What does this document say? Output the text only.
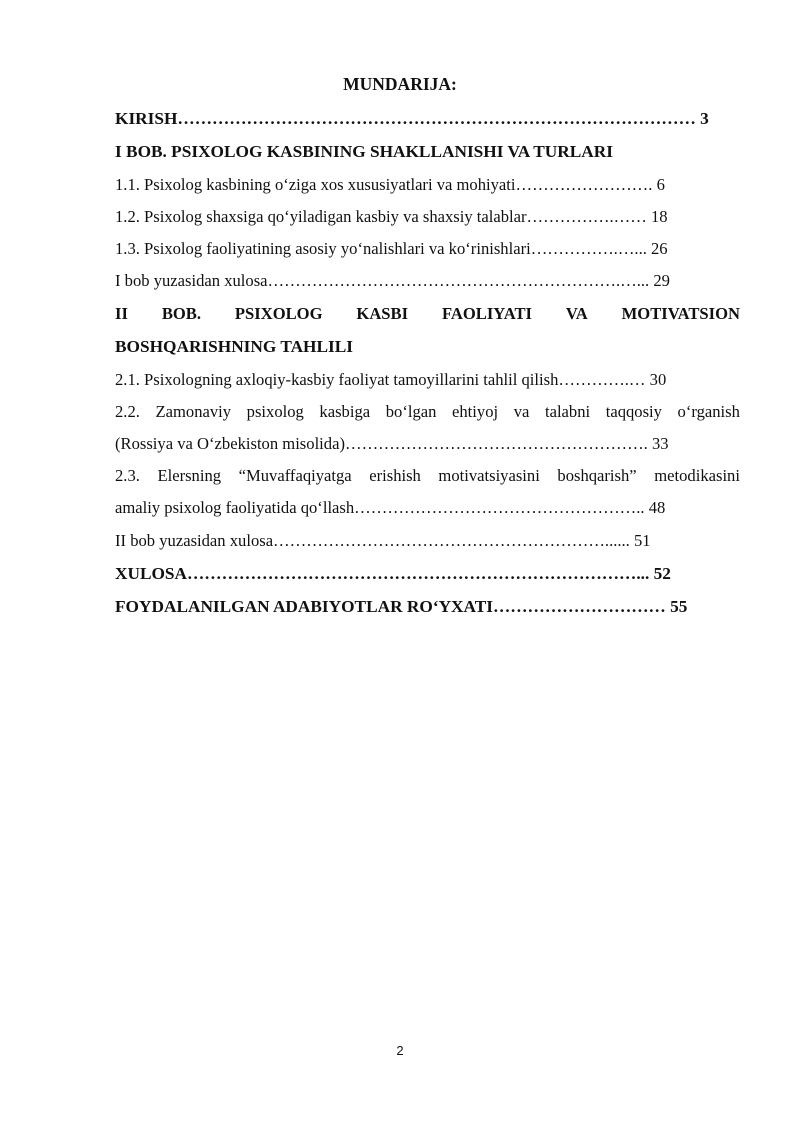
MUNDARIJA:
KIRISH……………………………………………………………………………… 3
I BOB. PSIXOLOG KASBINING SHAKLLANISHI VA TURLARI
1.1. Psixolog kasbining oʻziga xos xususiyatlari va mohiyati……………………. 6
1.2. Psixolog shaxsiga qoʻyiladigan kasbiy va shaxsiy talablar…………….…… 18
1.3. Psixolog faoliyatining asosiy yoʻnalishlari va koʻrinishlari…………….…... 26
I bob yuzasidan xulosa……………………………………………………….…... 29
II BOB. PSIXOLOG KASBI FAOLIYATI VA MOTIVATSION
BOSHQARISHNING TAHLILI
2.1. Psixologning axloqiy-kasbiy faoliyat tamoyillarini tahlil qilish………….… 30
2.2. Zamonaviy psixolog kasbiga boʻlgan ehtiyoj va talabni taqqosiy oʻrganish
(Rossiya va Oʻzbekiston misolida)………………………………………………. 33
2.3. Elersning “Muvaffaqiyatga erishish motivatsiyasini boshqarish” metodikasini
amaliy psixolog faoliyatida qoʻllash…………………………………………….. 48
II bob yuzasidan xulosa……………………………………………………...... 51
XULOSA……………………………………………………………………... 52
FOYDALANILGAN ADABIYOTLAR ROʻYXATI………………………… 55
2
